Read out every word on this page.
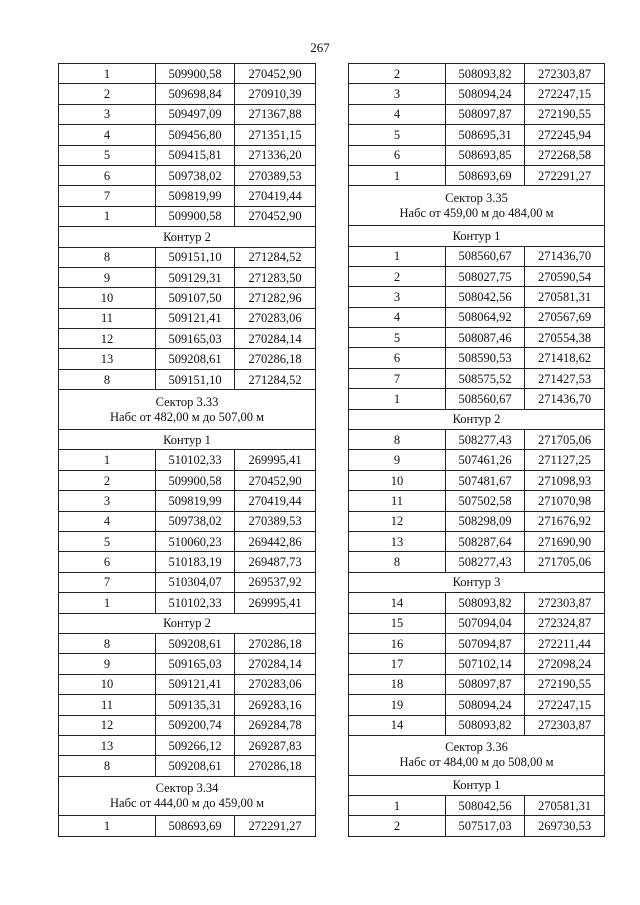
267
1	509900,58	270452,90
2	509698,84	270910,39
3	509497,09	271367,88
4	509456,80	271351,15
5	509415,81	271336,20
6	509738,02	270389,53
7	509819,99	270419,44
1	509900,58	270452,90
Контур 2		
8	509151,10	271284,52
9	509129,31	271283,50
10	509107,50	271282,96
11	509121,41	270283,06
12	509165,03	270284,14
13	509208,61	270286,18
8	509151,10	271284,52

Сектор 3.33
Набс от 482,00 м до 507,00 м		

Контур 1		
1	510102,33	269995,41
2	509900,58	270452,90
3	509819,99	270419,44
4	509738,02	270389,53
5	510060,23	269442,86
6	510183,19	269487,73
7	510304,07	269537,92
1	510102,33	269995,41
Контур 2		
8	509208,61	270286,18
9	509165,03	270284,14
10	509121,41	270283,06
11	509135,31	269283,16
12	509200,74	269284,78
13	509266,12	269287,83
8	509208,61	270286,18

Сектор 3.34
Набс от 444,00 м до 459,00 м		

1	508693,69	272291,27
2	508093,82	272303,87
3	508094,24	272247,15
4	508097,87	272190,55
5	508695,31	272245,94
6	508693,85	272268,58
1	508693,69	272291,27

Сектор 3.35
Набс от 459,00 м до 484,00 м		

Контур 1		
1	508560,67	271436,70
2	508027,75	270590,54
3	508042,56	270581,31
4	508064,92	270567,69
5	508087,46	270554,38
6	508590,53	271418,62
7	508575,52	271427,53
1	508560,67	271436,70
Контур 2		
8	508277,43	271705,06
9	507461,26	271127,25
10	507481,67	271098,93
11	507502,58	271070,98
12	508298,09	271676,92
13	508287,64	271690,90
8	508277,43	271705,06
Контур 3		
14	508093,82	272303,87
15	507094,04	272324,87
16	507094,87	272211,44
17	507102,14	272098,24
18	508097,87	272190,55
19	508094,24	272247,15
14	508093,82	272303,87

Сектор 3.36
Набс от 484,00 м до 508,00 м		

Контур 1		
1	508042,56	270581,31
2	507517,03	269730,53
